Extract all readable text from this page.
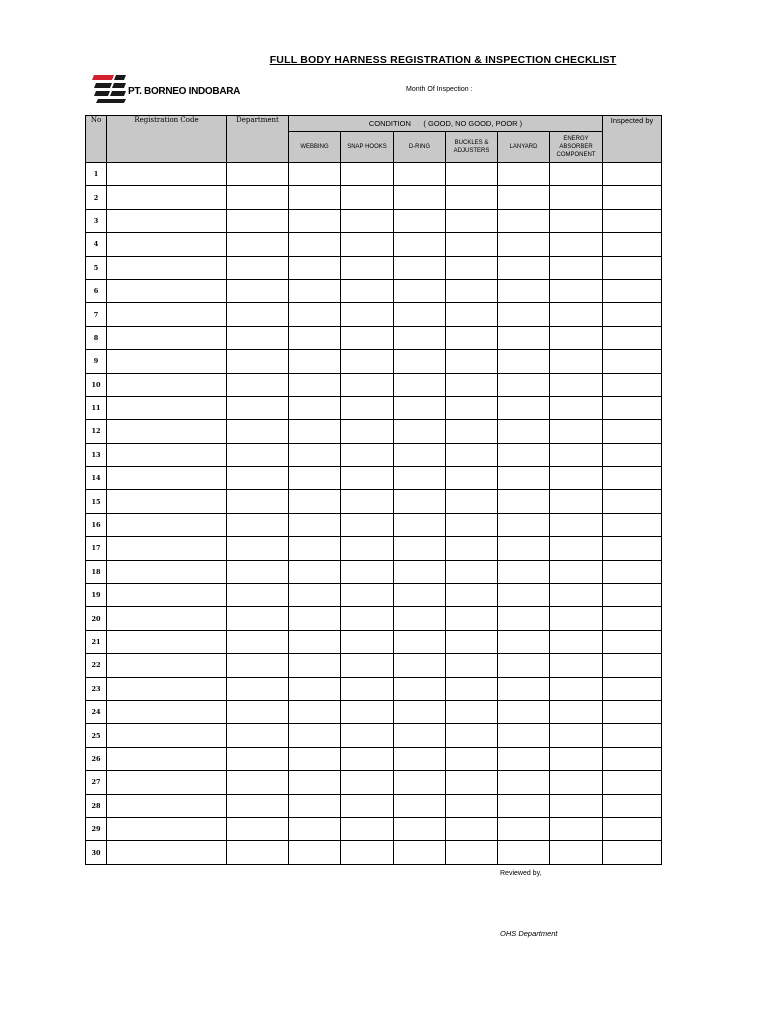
FULL BODY HARNESS REGISTRATION & INSPECTION CHECKLIST
PT. BORNEO INDOBARA	Month Of Inspection :
No	Registration Code	Department	CONDITION      ( GOOD, NO GOOD, POOR )						Inspected by
			WEBBING	SNAP HOOKS	D-RING	BUCKLES & ADJUSTERS	LANYARD	ENERGY ABSORBER COMPONENT	
1									
2									
3									
4									
5									
6									
7									
8									
9									
10									
11									
12									
13									
14									
15									
16									
17									
18									
19									
20									
21									
22									
23									
24									
25									
26									
27									
28									
29									
30									
Reviewed by,
OHS Department
